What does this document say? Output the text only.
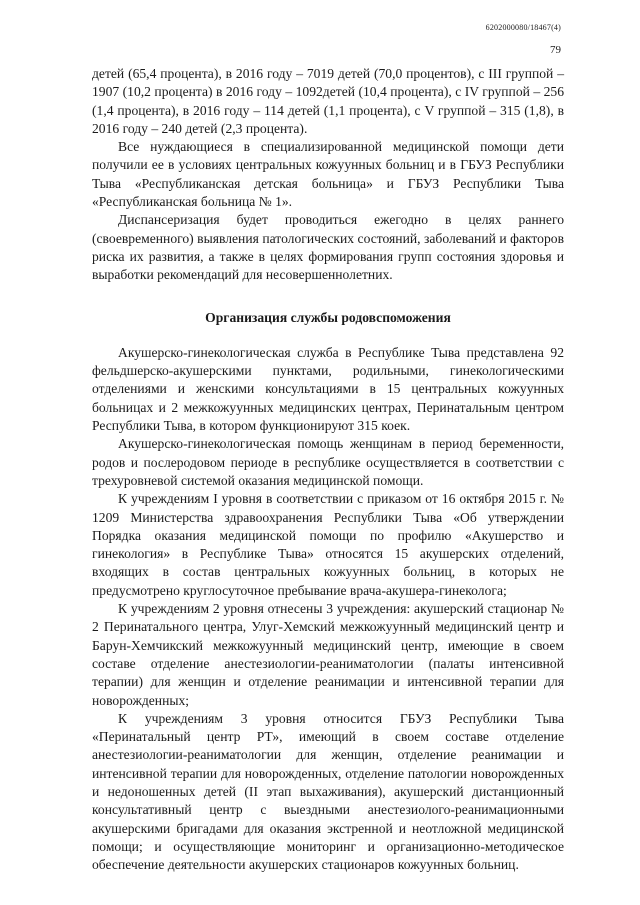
6202000080/18467(4)
79

детей (65,4 процента), в 2016 году – 7019 детей (70,0 процентов), с III группой – 1907 (10,2 процента) в 2016 году – 1092детей (10,4 процента), с IV группой – 256 (1,4 процента), в 2016 году – 114 детей (1,1 процента), с V группой – 315 (1,8), в 2016 году – 240 детей (2,3 процента).

Все нуждающиеся в специализированной медицинской помощи дети получили ее в условиях центральных кожуунных больниц и в ГБУЗ Республики Тыва «Республиканская детская больница» и ГБУЗ Республики Тыва «Республиканская больница № 1».

Диспансеризация будет проводиться ежегодно в целях раннего (своевременного) выявления патологических состояний, заболеваний и факторов риска их развития, а также в целях формирования групп состояния здоровья и выработки рекомендаций для несовершеннолетних.

Организация службы родовспоможения

Акушерско-гинекологическая служба в Республике Тыва представлена 92 фельдшерско-акушерскими пунктами, родильными, гинекологическими отделениями и женскими консультациями в 15 центральных кожуунных больницах и 2 межкожуунных медицинских центрах, Перинатальным центром Республики Тыва, в котором функционируют 315 коек.

Акушерско-гинекологическая помощь женщинам в период беременности, родов и послеродовом периоде в республике осуществляется в соответствии с трехуровневой системой оказания медицинской помощи.

К учреждениям I уровня в соответствии с приказом от 16 октября 2015 г. № 1209 Министерства здравоохранения Республики Тыва «Об утверждении Порядка оказания медицинской помощи по профилю «Акушерство и гинекология» в Республике Тыва» относятся 15 акушерских отделений, входящих в состав центральных кожуунных больниц, в которых не предусмотрено круглосуточное пребывание врача-акушера-гинеколога;

К учреждениям 2 уровня отнесены 3 учреждения: акушерский стационар № 2 Перинатального центра, Улуг-Хемский межкожуунный медицинский центр и Барун-Хемчикский межкожуунный медицинский центр, имеющие в своем составе отделение анестезиологии-реаниматологии (палаты интенсивной терапии) для женщин и отделение реанимации и интенсивной терапии для новорожденных;

К учреждениям 3 уровня относится ГБУЗ Республики Тыва «Перинатальный центр РТ», имеющий в своем составе отделение анестезиологии-реаниматологии для женщин, отделение реанимации и интенсивной терапии для новорожденных, отделение патологии новорожденных и недоношенных детей (II этап выхаживания), акушерский дистанционный консультативный центр с выездными анестезиолого-реанимационными акушерскими бригадами для оказания экстренной и неотложной медицинской помощи; и осуществляющие мониторинг и организационно-методическое обеспечение деятельности акушерских стационаров кожуунных больниц.
